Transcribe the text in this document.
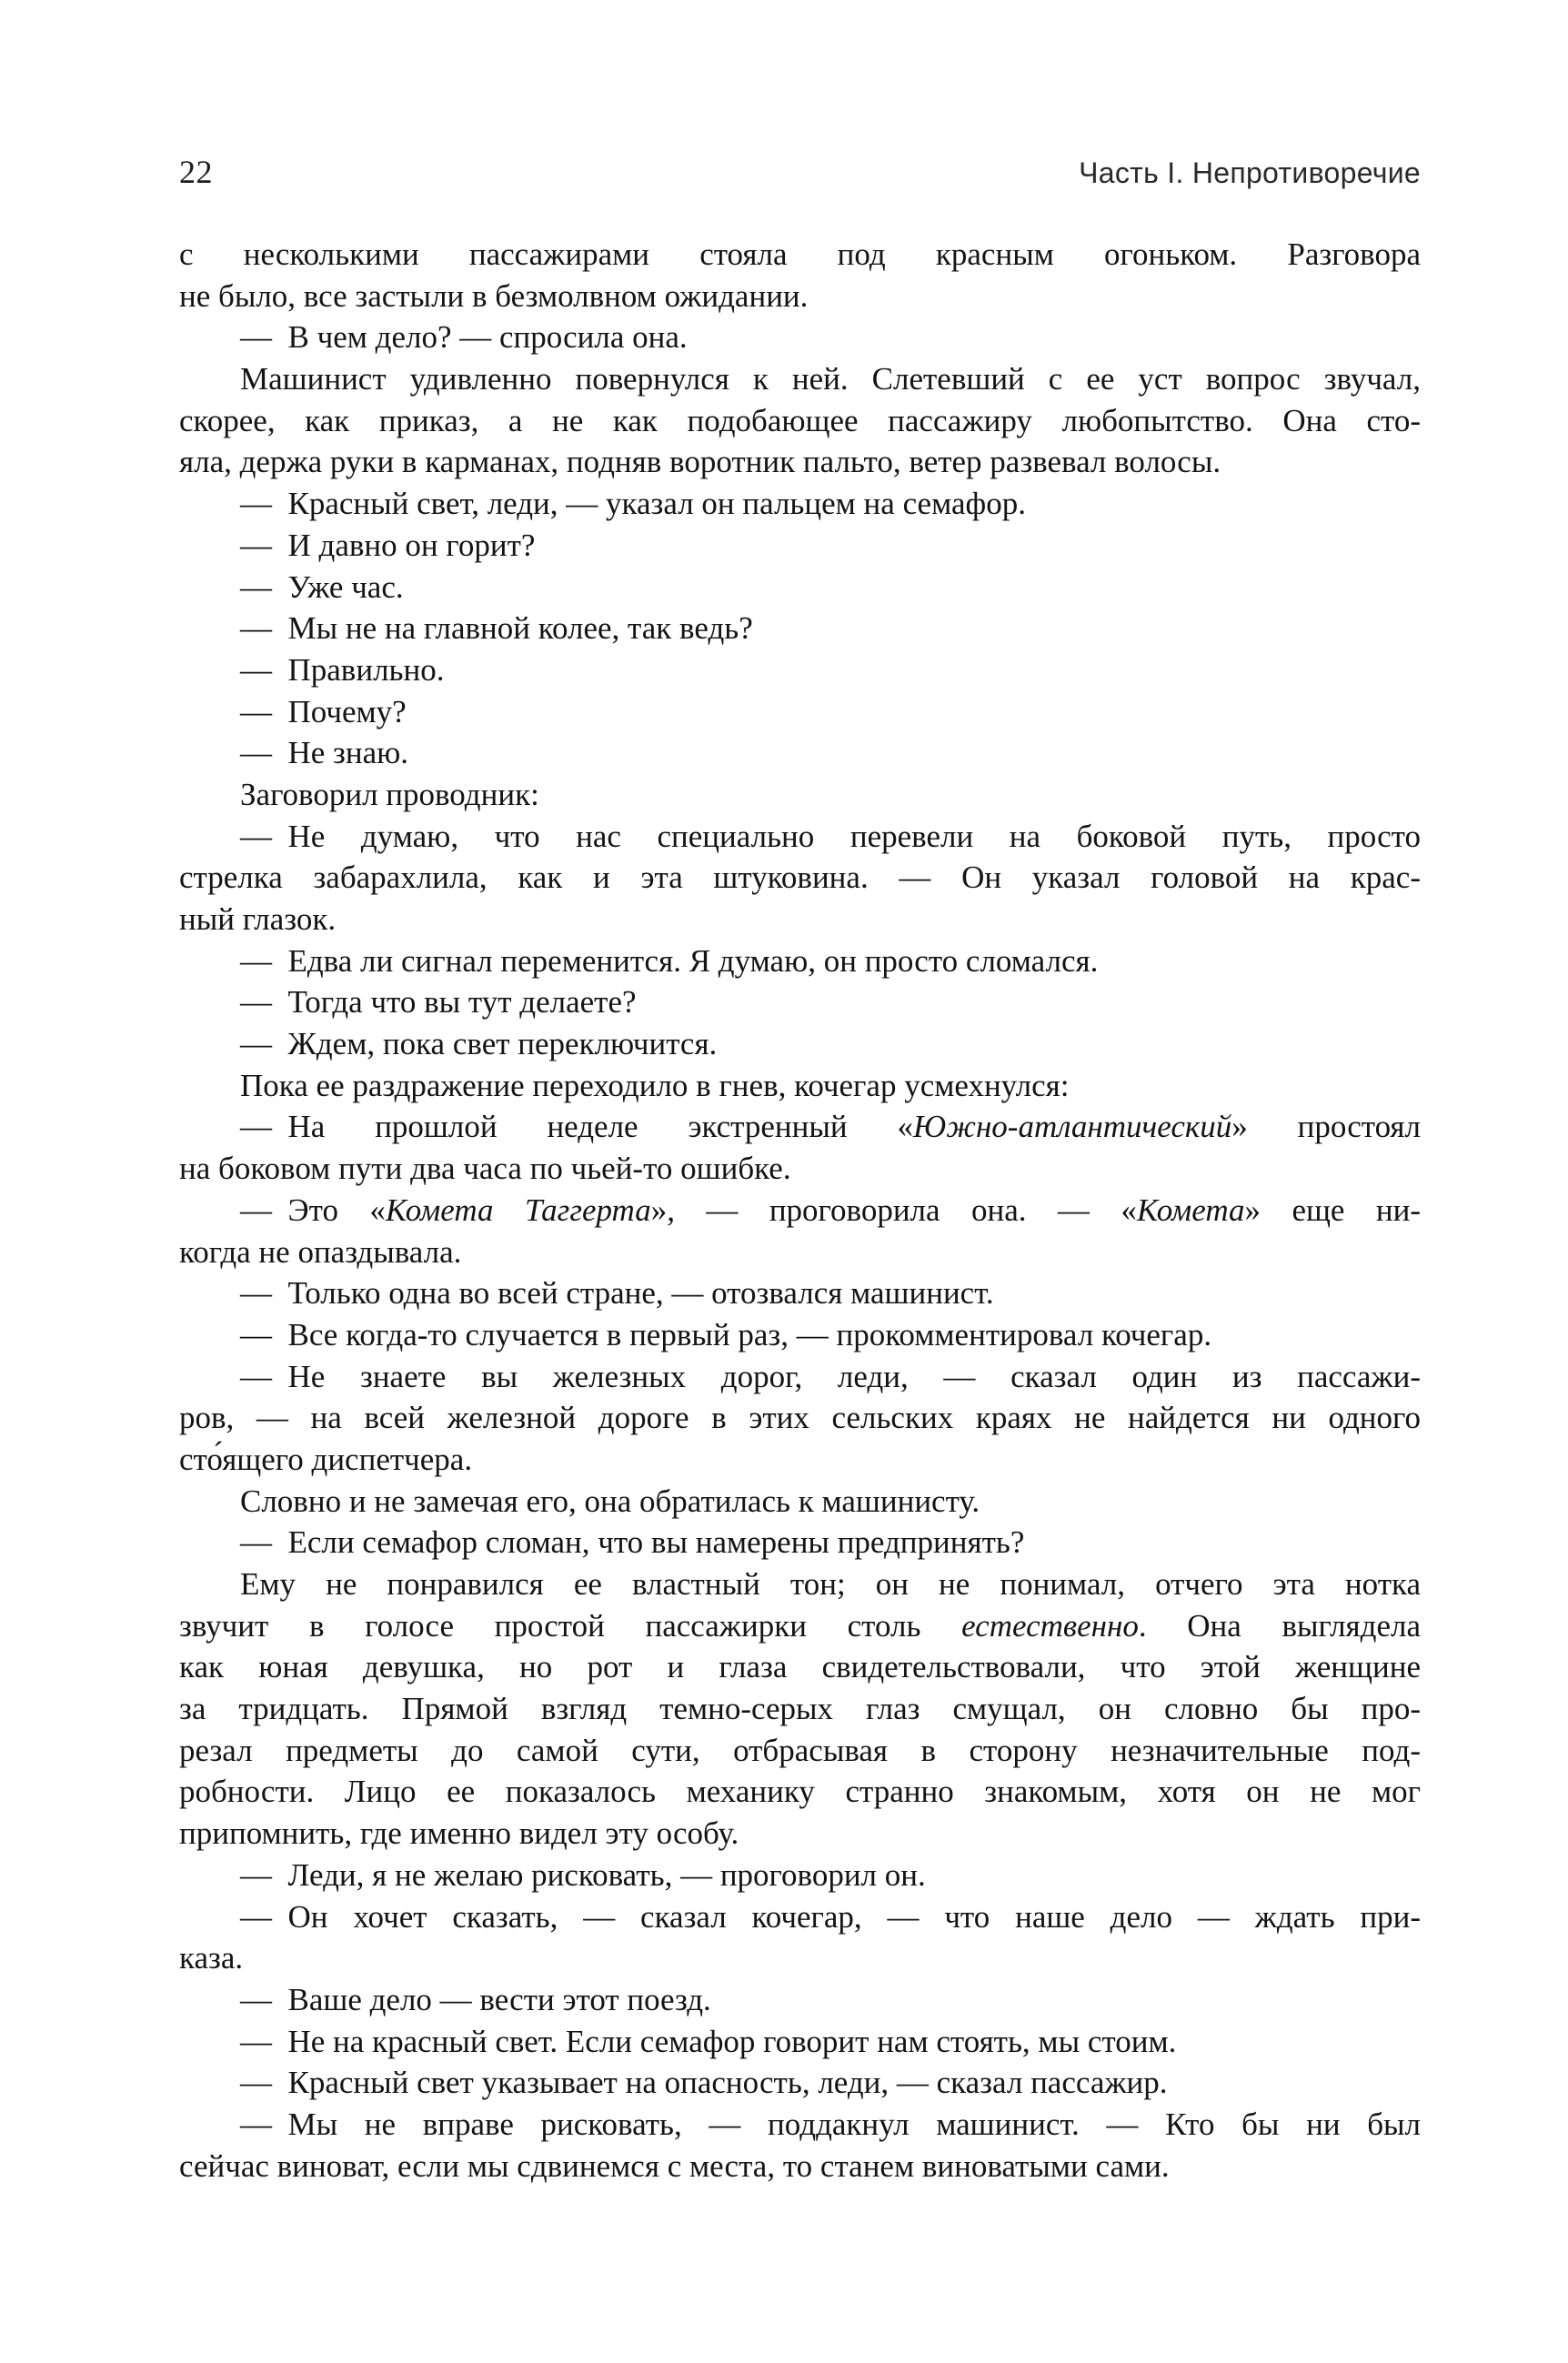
22	Часть I. Непротиворечие
с несколькими пассажирами стояла под красным огоньком. Разговора
не было, все застыли в безмолвном ожидании.
— В чем дело? — спросила она.
Машинист удивленно повернулся к ней. Слетевший с ее уст вопрос звучал,
скорее, как приказ, а не как подобающее пассажиру любопытство. Она сто-
яла, держа руки в карманах, подняв воротник пальто, ветер развевал волосы.
— Красный свет, леди, — указал он пальцем на семафор.
— И давно он горит?
— Уже час.
— Мы не на главной колее, так ведь?
— Правильно.
— Почему?
— Не знаю.
Заговорил проводник:
— Не думаю, что нас специально перевели на боковой путь, просто
стрелка забарахлила, как и эта штуковина. — Он указал головой на крас-
ный глазок.
— Едва ли сигнал переменится. Я думаю, он просто сломался.
— Тогда что вы тут делаете?
— Ждем, пока свет переключится.
Пока ее раздражение переходило в гнев, кочегар усмехнулся:
— На прошлой неделе экстренный «Южно-атлантический» простоял
на боковом пути два часа по чьей-то ошибке.
— Это «Комета Таггерта», — проговорила она. — «Комета» еще ни-
когда не опаздывала.
— Только одна во всей стране, — отозвался машинист.
— Все когда-то случается в первый раз, — прокомментировал кочегар.
— Не знаете вы железных дорог, леди, — сказал один из пассажи-
ров, — на всей железной дороге в этих сельских краях не найдется ни одного
сто́ящего диспетчера.
Словно и не замечая его, она обратилась к машинисту.
— Если семафор сломан, что вы намерены предпринять?
Ему не понравился ее властный тон; он не понимал, отчего эта нотка
звучит в голосе простой пассажирки столь естественно. Она выглядела
как юная девушка, но рот и глаза свидетельствовали, что этой женщине
за тридцать. Прямой взгляд темно-серых глаз смущал, он словно бы про-
резал предметы до самой сути, отбрасывая в сторону незначительные под-
робности. Лицо ее показалось механику странно знакомым, хотя он не мог
припомнить, где именно видел эту особу.
— Леди, я не желаю рисковать, — проговорил он.
— Он хочет сказать, — сказал кочегар, — что наше дело — ждать при-
каза.
— Ваше дело — вести этот поезд.
— Не на красный свет. Если семафор говорит нам стоять, мы стоим.
— Красный свет указывает на опасность, леди, — сказал пассажир.
— Мы не вправе рисковать, — поддакнул машинист. — Кто бы ни был
сейчас виноват, если мы сдвинемся с места, то станем виноватыми сами.
